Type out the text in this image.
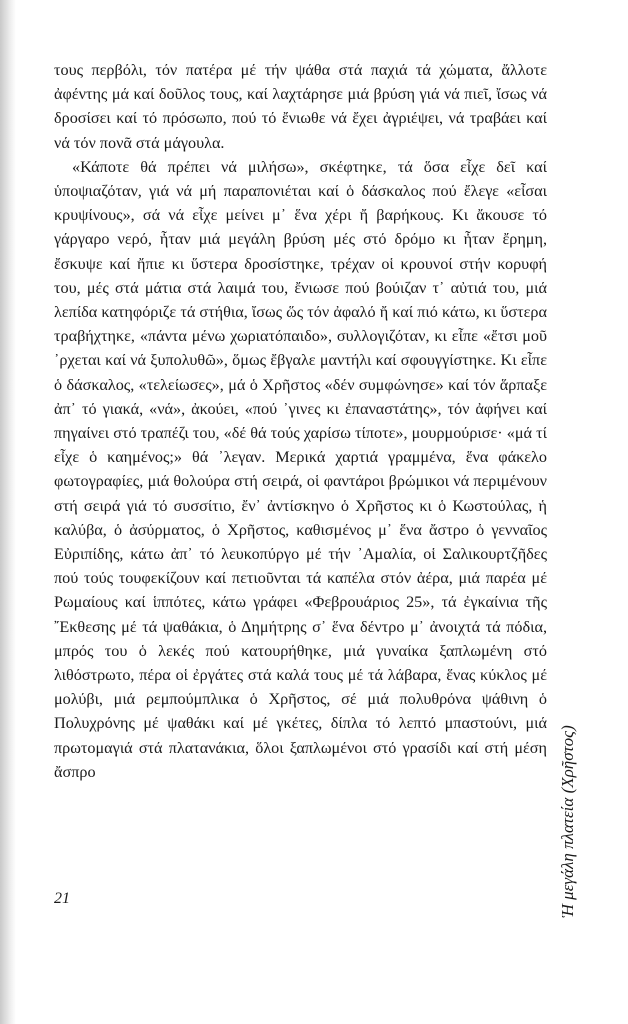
τους περβόλι, τόν πατέρα μέ τήν ψάθα στά παχιά τά χώματα, ἄλλοτε ἀφέντης μά καί δοῦλος τους, καί λαχτάρησε μιά βρύση γιά νά πιεῖ, ἴσως νά δροσίσει καί τό πρόσωπο, πού τό ἔνιωθε νά ἔχει ἀγριέψει, νά τραβάει καί νά τόν πονᾶ στά μάγουλα.

«Κάποτε θά πρέπει νά μιλήσω», σκέφτηκε, τά ὅσα εἶχε δεῖ καί ὑποψιαζόταν, γιά νά μή παραπονιέται καί ὁ δάσκαλος πού ἔλεγε «εἶσαι κρυψίνους», σά νά εἶχε μείνει μ᾿ ἕνα χέρι ἤ βαρήκους. Κι ἄκουσε τό γάργαρο νερό, ἦταν μιά μεγάλη βρύση μές στό δρόμο κι ἦταν ἔρημη, ἔσκυψε καί ἤπιε κι ὕστερα δροσίστηκε, τρέχαν οἱ κρουνοί στήν κορυφή του, μές στά μάτια στά λαιμά του, ἔνιωσε πού βούιζαν τ᾿ αὐτιά του, μιά λεπίδα κατηφόριζε τά στήθια, ἴσως ὥς τόν ἀφαλό ἤ καί πιό κάτω, κι ὕστερα τραβήχτηκε, «πάντα μένω χωριατόπαιδο», συλλογιζόταν, κι εἶπε «ἔτσι μοῦ ᾿ρχεται καί νά ξυπολυθῶ», ὅμως ἔβγαλε μαντήλι καί σφουγγίστηκε. Κι εἶπε ὁ δάσκαλος, «τελείωσες», μά ὁ Χρῆστος «δέν συμφώνησε» καί τόν ἅρπαξε ἀπ᾿ τό γιακά, «νά», ἀκούει, «πού ᾿γινες κι ἐπαναστάτης», τόν ἀφήνει καί πηγαίνει στό τραπέζι του, «δέ θά τούς χαρίσω τίποτε», μουρμούρισε· «μά τί εἶχε ὁ καημένος;» θά ᾿λεγαν. Μερικά χαρτιά γραμμένα, ἕνα φάκελο φωτογραφίες, μιά θολούρα στή σειρά, οἱ φαντάροι βρώμικοι νά περιμένουν στή σειρά γιά τό συσσίτιο, ἔν᾿ ἀντίσκηνο ὁ Χρῆστος κι ὁ Κωστούλας, ἡ καλύβα, ὁ ἀσύρματος, ὁ Χρῆστος, καθισμένος μ᾿ ἕνα ἄστρο ὁ γενναῖος Εὐριπίδης, κάτω ἀπ᾿ τό λευκοπύργο μέ τήν ᾿Αμαλία, οἱ Σαλικουρτζῆδες πού τούς τουφεκίζουν καί πετιοῦνται τά καπέλα στόν ἀέρα, μιά παρέα μέ Ρωμαίους καί ἱππότες, κάτω γράφει «Φεβρουάριος 25», τά ἐγκαίνια τῆς ῎Εκθεσης μέ τά ψαθάκια, ὁ Δημήτρης σ᾿ ἕνα δέντρο μ᾿ ἀνοιχτά τά πόδια, μπρός του ὁ λεκές πού κατουρήθηκε, μιά γυναίκα ξαπλωμένη στό λιθόστρωτο, πέρα οἱ ἐργάτες στά καλά τους μέ τά λάβαρα, ἕνας κύκλος μέ μολύβι, μιά ρεμπούμπλικα ὁ Χρῆστος, σέ μιά πολυθρόνα ψάθινη ὁ Πολυχρόνης μέ ψαθάκι καί μέ γκέτες, δίπλα τό λεπτό μπαστούνι, μιά πρωτομαγιά στά πλατανάκια, ὅλοι ξαπλωμένοι στό γρασίδι καί στή μέση ἄσπρο	Ἡ μεγάλη πλατεία (Χρῆστος)
21
